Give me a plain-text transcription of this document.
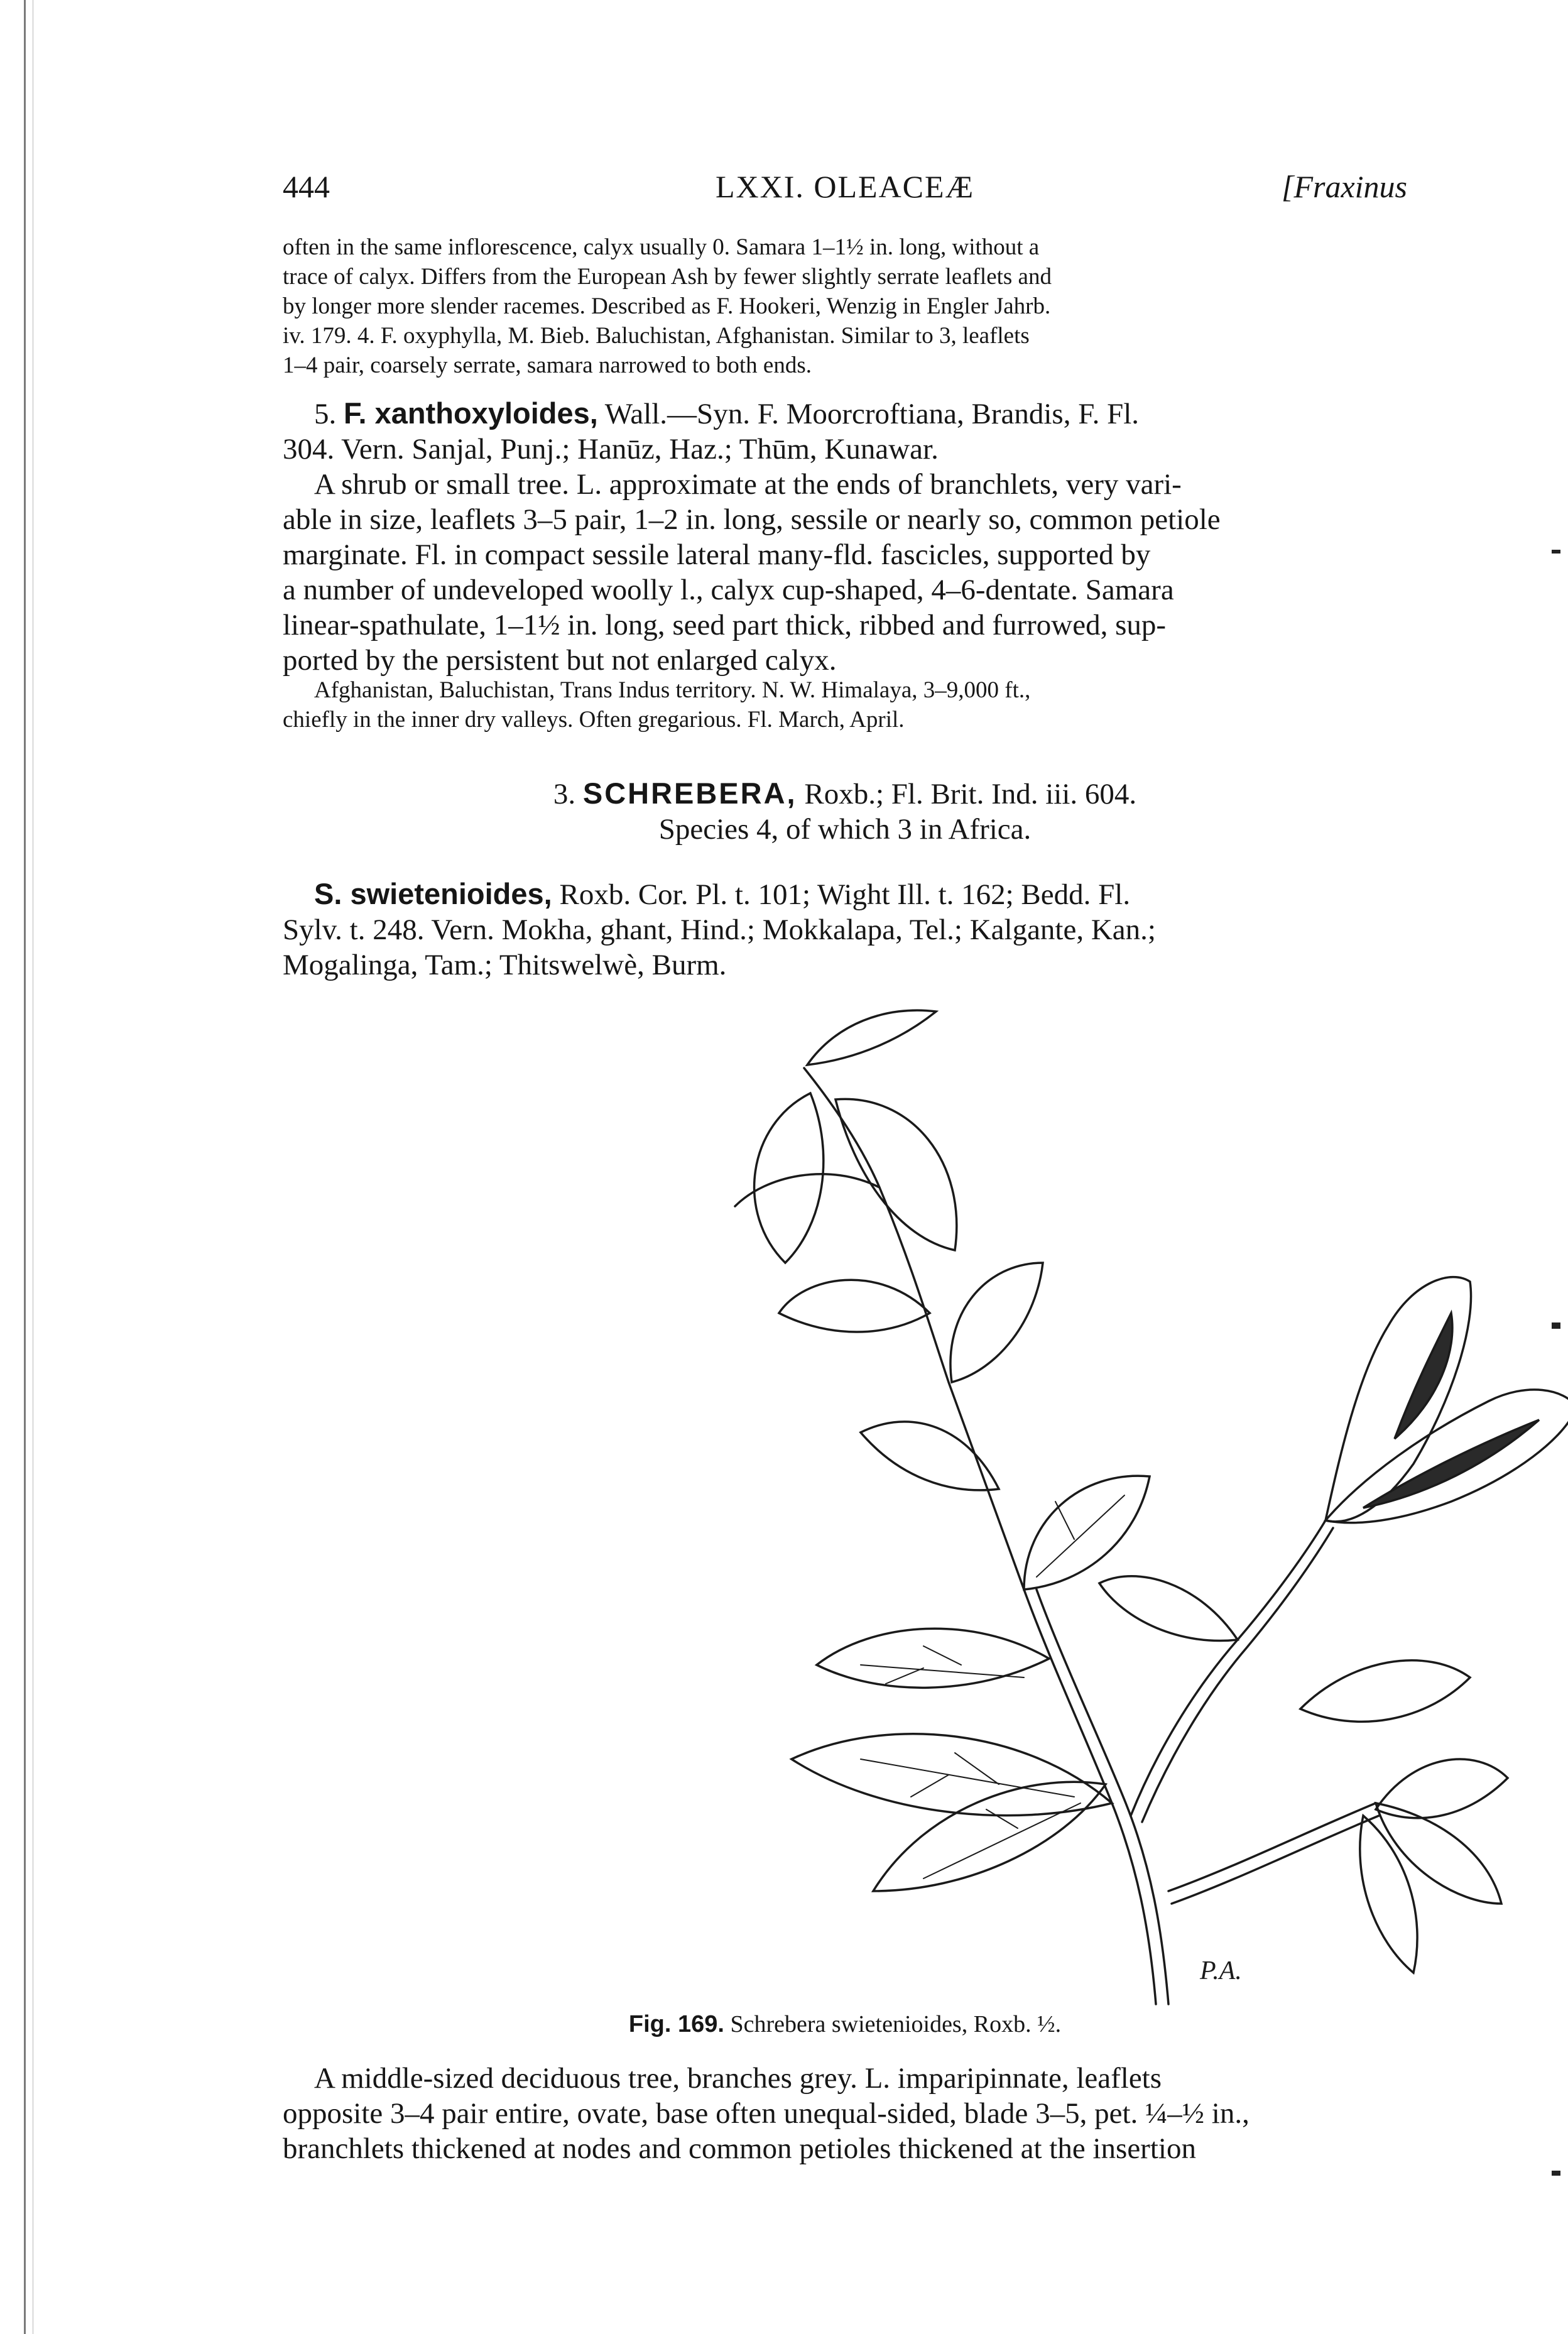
444	LXXI. OLEACEÆ	[Fraxinus

often in the same inflorescence, calyx usually 0. Samara 1–1½ in. long, without a

trace of calyx. Differs from the European Ash by fewer slightly serrate leaflets and

by longer more slender racemes. Described as F. Hookeri, Wenzig in Engler Jahrb.

iv. 179. 4. F. oxyphylla, M. Bieb. Baluchistan, Afghanistan. Similar to 3, leaflets

1–4 pair, coarsely serrate, samara narrowed to both ends.

5. F. xanthoxyloides, Wall.—Syn. F. Moorcroftiana, Brandis, F. Fl.

304. Vern. Sanjal, Punj.; Hanūz, Haz.; Thūm, Kunawar.

A shrub or small tree. L. approximate at the ends of branchlets, very vari-

able in size, leaflets 3–5 pair, 1–2 in. long, sessile or nearly so, common petiole

marginate. Fl. in compact sessile lateral many-fld. fascicles, supported by

a number of undeveloped woolly l., calyx cup-shaped, 4–6-dentate. Samara

linear-spathulate, 1–1½ in. long, seed part thick, ribbed and furrowed, sup-

ported by the persistent but not enlarged calyx.

Afghanistan, Baluchistan, Trans Indus territory. N. W. Himalaya, 3–9,000 ft.,

chiefly in the inner dry valleys. Often gregarious. Fl. March, April.

3. SCHREBERA, Roxb.; Fl. Brit. Ind. iii. 604.

Species 4, of which 3 in Africa.

S. swietenioides, Roxb. Cor. Pl. t. 101; Wight Ill. t. 162; Bedd. Fl.

Sylv. t. 248. Vern. Mokha, ghant, Hind.; Mokkalapa, Tel.; Kalgante, Kan.;

Mogalinga, Tam.; Thitswelwè, Burm.

P.A.
Fig. 169. Schrebera swietenioides, Roxb. ½.

A middle-sized deciduous tree, branches grey. L. imparipinnate, leaflets

opposite 3–4 pair entire, ovate, base often unequal-sided, blade 3–5, pet. ¼–½ in.,

branchlets thickened at nodes and common petioles thickened at the insertion
